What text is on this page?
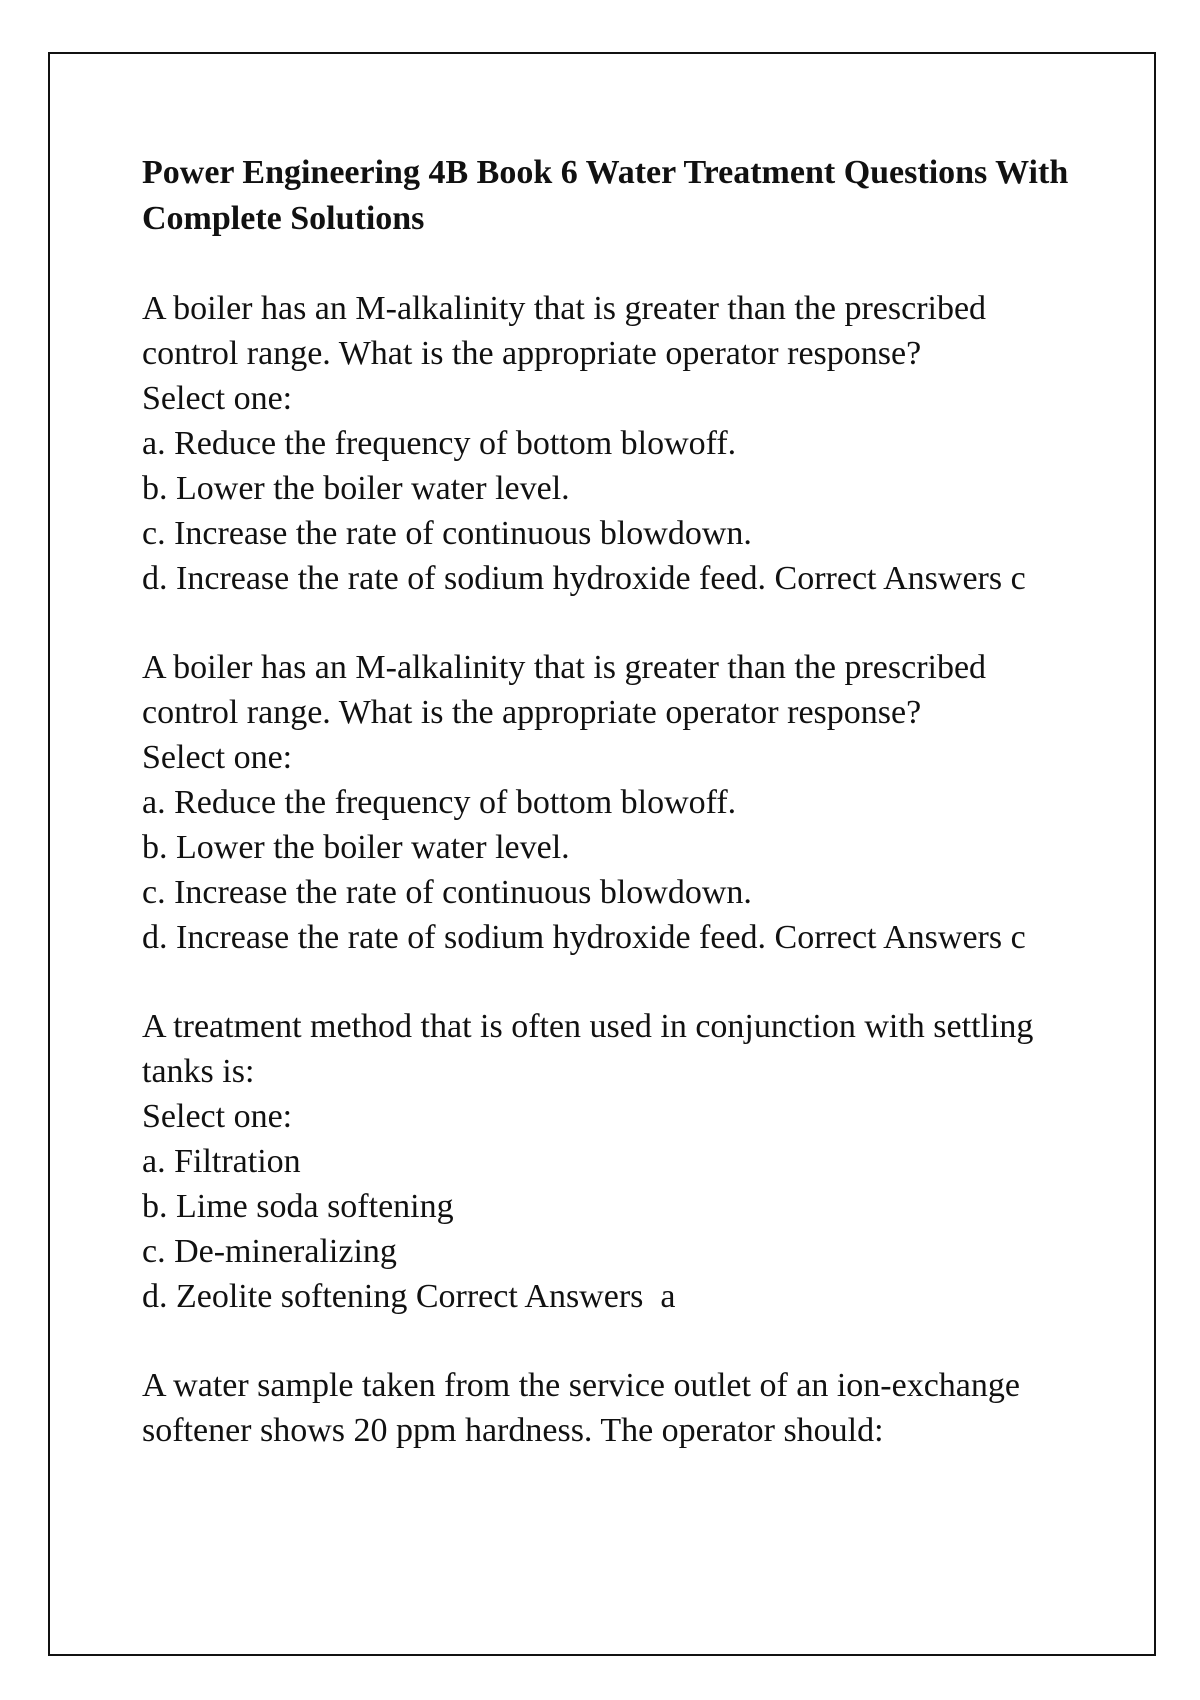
Power Engineering 4B Book 6 Water Treatment Questions With Complete Solutions
A boiler has an M-alkalinity that is greater than the prescribed control range. What is the appropriate operator response?
Select one:
a. Reduce the frequency of bottom blowoff.
b. Lower the boiler water level.
c. Increase the rate of continuous blowdown.
d. Increase the rate of sodium hydroxide feed. Correct Answers c
A boiler has an M-alkalinity that is greater than the prescribed control range. What is the appropriate operator response?
Select one:
a. Reduce the frequency of bottom blowoff.
b. Lower the boiler water level.
c. Increase the rate of continuous blowdown.
d. Increase the rate of sodium hydroxide feed. Correct Answers c
A treatment method that is often used in conjunction with settling tanks is:
Select one:
a. Filtration
b. Lime soda softening
c. De-mineralizing
d. Zeolite softening Correct Answers  a
A water sample taken from the service outlet of an ion-exchange softener shows 20 ppm hardness. The operator should:
